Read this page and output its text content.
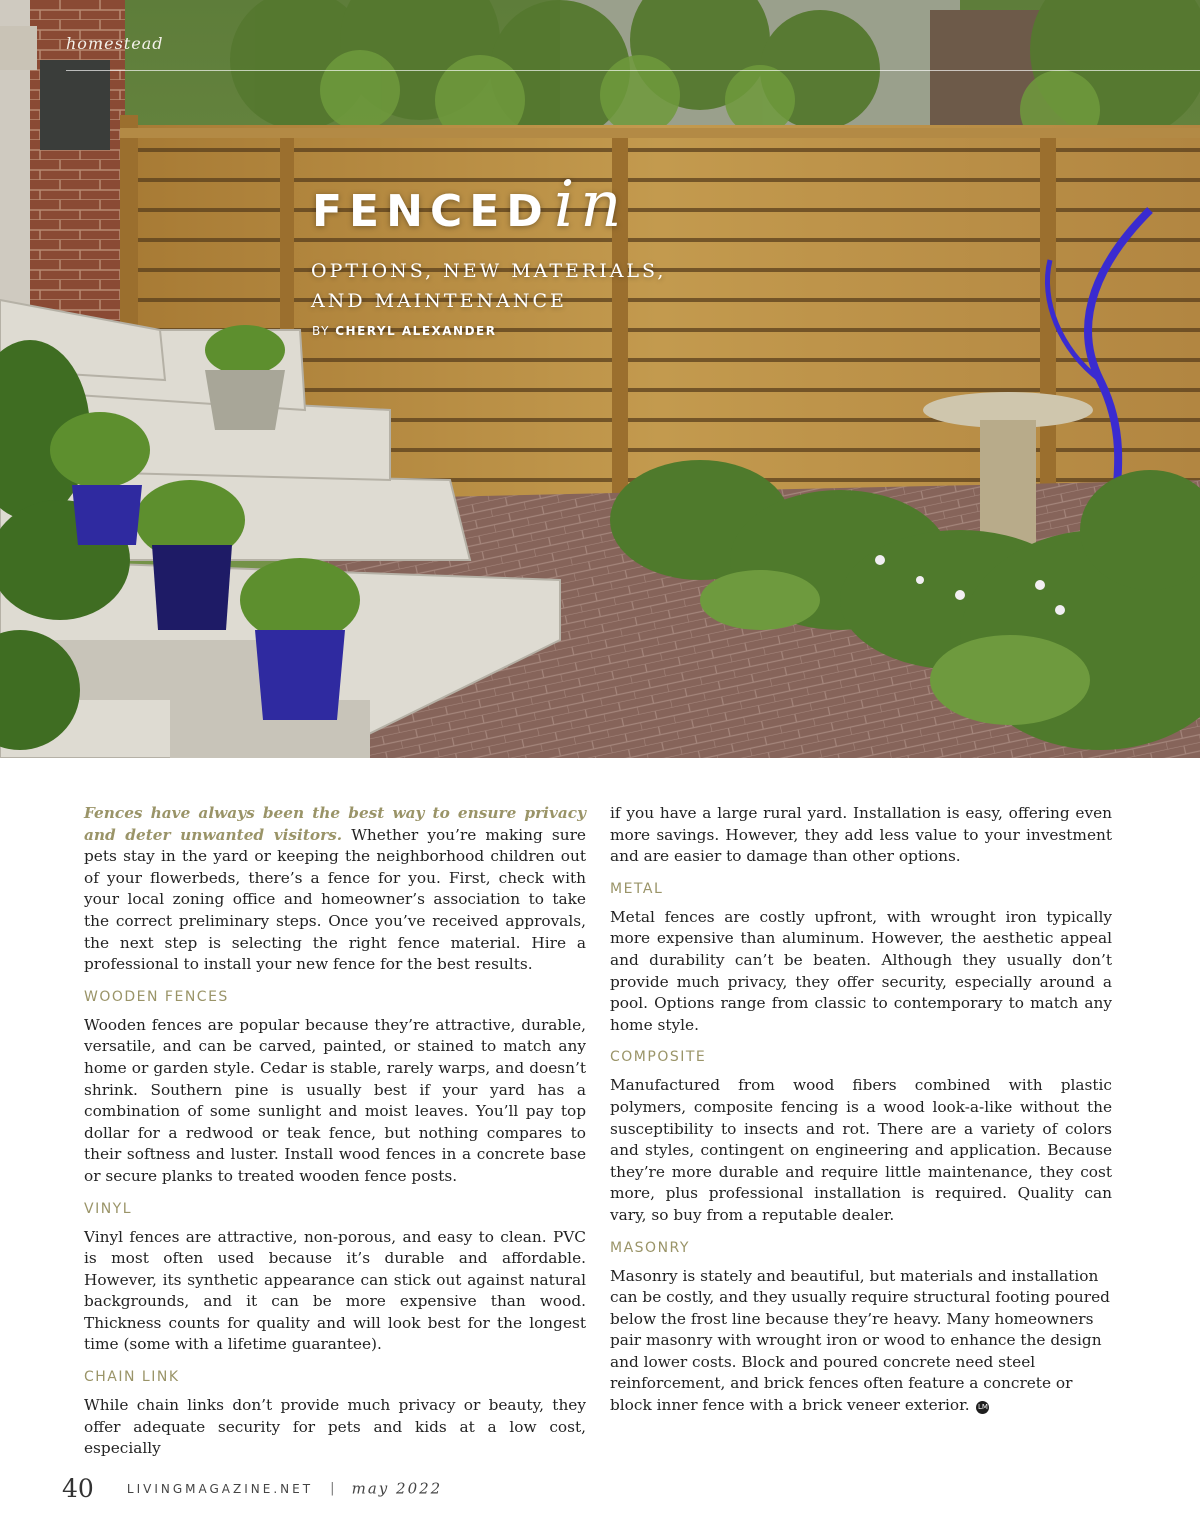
homestead
FENCEDin
OPTIONS, NEW MATERIALS, AND MAINTENANCE
BY CHERYL ALEXANDER

Fences have always been the best way to ensure privacy and deter unwanted visitors. Whether you’re making sure pets stay in the yard or keeping the neighborhood children out of your flowerbeds, there’s a fence for you. First, check with your local zoning office and homeowner’s association to take the correct preliminary steps. Once you’ve received approvals, the next step is selecting the right fence material. Hire a professional to install your new fence for the best results.

WOODEN FENCES

Wooden fences are popular because they’re attractive, durable, versatile, and can be carved, painted, or stained to match any home or garden style. Cedar is stable, rarely warps, and doesn’t shrink. Southern pine is usually best if your yard has a combination of some sunlight and moist leaves. You’ll pay top dollar for a redwood or teak fence, but nothing compares to their softness and luster. Install wood fences in a concrete base or secure planks to treated wooden fence posts.

VINYL

Vinyl fences are attractive, non-porous, and easy to clean. PVC is most often used because it’s durable and affordable. However, its synthetic appearance can stick out against natural backgrounds, and it can be more expensive than wood. Thickness counts for quality and will look best for the longest time (some with a lifetime guarantee).

CHAIN LINK

While chain links don’t provide much privacy or beauty, they offer adequate security for pets and kids at a low cost, especially

if you have a large rural yard. Installation is easy, offering even more savings. However, they add less value to your investment and are easier to damage than other options.

METAL

Metal fences are costly upfront, with wrought iron typically more expensive than aluminum. However, the aesthetic appeal and durability can’t be beaten. Although they usually don’t provide much privacy, they offer security, especially around a pool. Options range from classic to contemporary to match any home style.

COMPOSITE

Manufactured from wood fibers combined with plastic polymers, composite fencing is a wood look-a-like without the susceptibility to insects and rot. There are a variety of colors and styles, contingent on engineering and application. Because they’re more durable and require little maintenance, they cost more, plus professional installation is required. Quality can vary, so buy from a reputable dealer.

MASONRY

Masonry is stately and beautiful, but materials and installation can be costly, and they usually require structural footing poured below the frost line because they’re heavy. Many homeowners pair masonry with wrought iron or wood to enhance the design and lower costs. Block and poured concrete need steel reinforcement, and brick fences often feature a concrete or block inner fence with a brick veneer exterior. LM

40	LIVINGMAGAZINE.NET | may 2022
